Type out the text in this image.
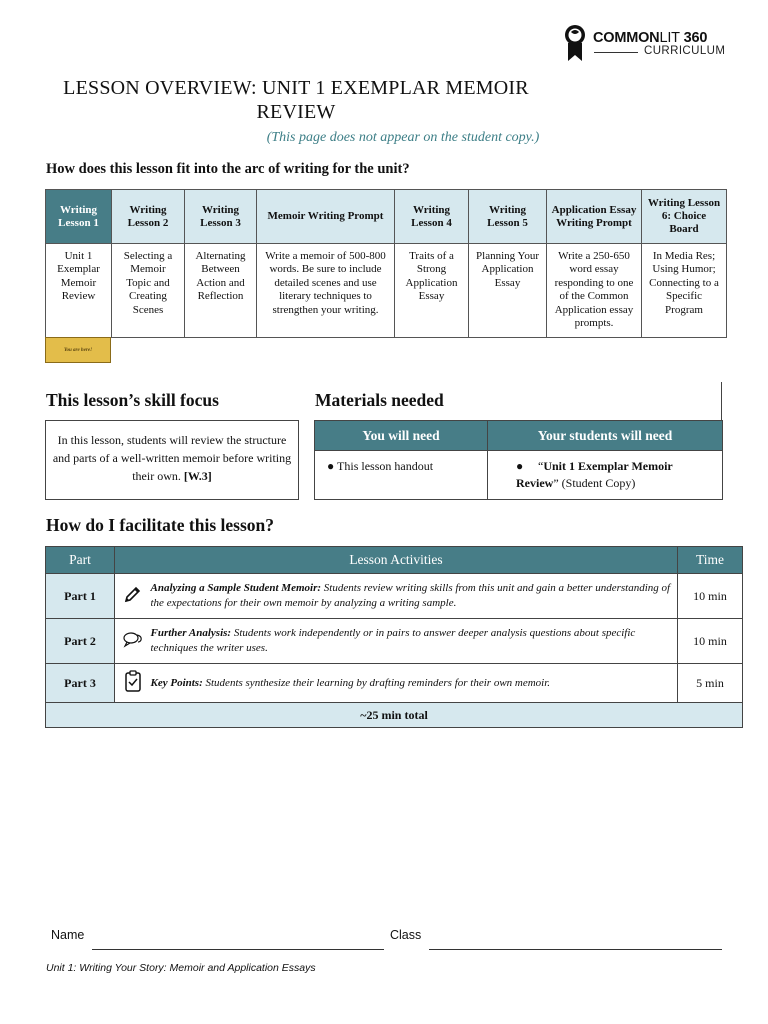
COMMONLIT 360
CURRICULUM
LESSON OVERVIEW: UNIT 1 EXEMPLAR MEMOIR REVIEW
(This page does not appear on the student copy.)
How does this lesson fit into the arc of writing for the unit?
Writing Lesson 1	Writing Lesson 2	Writing Lesson 3	Memoir Writing Prompt	Writing Lesson 4	Writing Lesson 5	Application Essay Writing Prompt	Writing Lesson 6: Choice Board
Unit 1 Exemplar Memoir Review	Selecting a Memoir Topic and Creating Scenes	Alternating Between Action and Reflection	Write a memoir of 500-800 words. Be sure to include detailed scenes and use literary techniques to strengthen your writing.	Traits of a Strong Application Essay	Planning Your Application Essay	Write a 250-650 word essay responding to one of the Common Application essay prompts.	In Media Res; Using Humor; Connecting to a Specific Program
You are here!
This lesson’s skill focus
In this lesson, students will review the structure and parts of a well-written memoir before writing their own. [W.3]
Materials needed
You will need	Your students will need
● This lesson handout	● “Unit 1 Exemplar Memoir Review” (Student Copy)
How do I facilitate this lesson?
Part	Lesson Activities		Time
Part 1		Analyzing a Sample Student Memoir: Students review writing skills from this unit and gain a better understanding of the expectations for their own memoir by analyzing a writing sample.	10 min
Part 2		Further Analysis: Students work independently or in pairs to answer deeper analysis questions about specific techniques the writer uses.	10 min
Part 3		Key Points: Students synthesize their learning by drafting reminders for their own memoir.	5 min
~25 min total			
Name	Class
Unit 1: Writing Your Story: Memoir and Application Essays
